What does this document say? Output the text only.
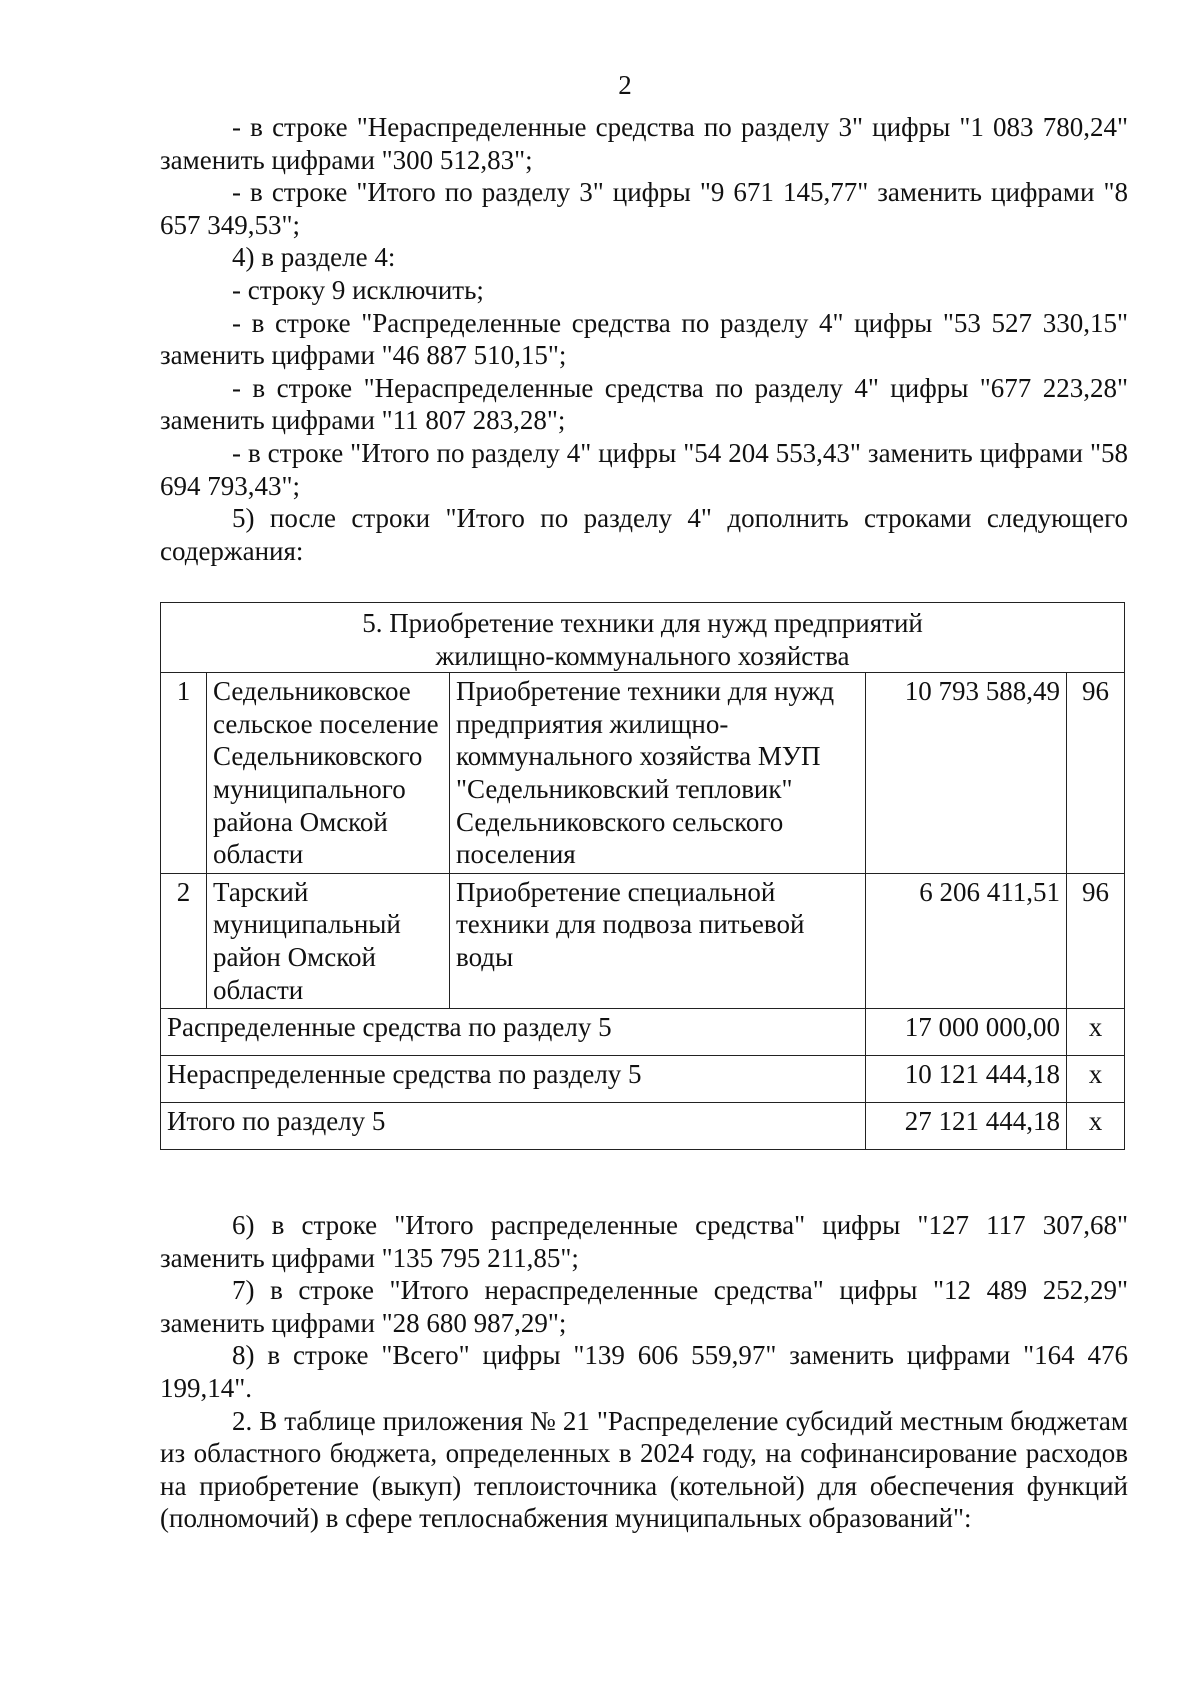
2

- в строке "Нераспределенные средства по разделу 3" цифры "1 083 780,24" заменить цифрами "300 512,83";

- в строке "Итого по разделу 3" цифры "9 671 145,77" заменить цифрами "8 657 349,53";

4) в разделе 4:

- строку 9 исключить;

- в строке "Распределенные средства по разделу 4" цифры "53 527 330,15" заменить цифрами "46 887 510,15";

- в строке "Нераспределенные средства по разделу 4" цифры "677 223,28" заменить цифрами "11 807 283,28";

- в строке "Итого по разделу 4" цифры "54 204 553,43" заменить цифрами "58 694 793,43";

5) после строки "Итого по разделу 4" дополнить строками следующего содержания:

5. Приобретение техники для нужд предприятий жилищно-коммунального хозяйства				
1	Седельниковское сельское поселение Седельниковского муниципального района Омской области	Приобретение техники для нужд предприятия жилищно-коммунального хозяйства МУП "Седельниковский тепловик" Седельниковского сельского поселения	10 793 588,49	96
2	Тарский муниципальный район Омской области	Приобретение специальной техники для подвоза питьевой воды	6 206 411,51	96
Распределенные средства по разделу 5			17 000 000,00	х
Нераспределенные средства по разделу 5			10 121 444,18	х
Итого по разделу 5			27 121 444,18	х

6) в строке "Итого распределенные средства" цифры "127 117 307,68" заменить цифрами "135 795 211,85";

7) в строке "Итого нераспределенные средства" цифры "12 489 252,29" заменить цифрами "28 680 987,29";

8) в строке "Всего" цифры "139 606 559,97" заменить цифрами "164 476 199,14".

2. В таблице приложения № 21 "Распределение субсидий местным бюджетам из областного бюджета, определенных в 2024 году, на софинансирование расходов на приобретение (выкуп) теплоисточника (котельной) для обеспечения функций (полномочий) в сфере теплоснабжения муниципальных образований":
